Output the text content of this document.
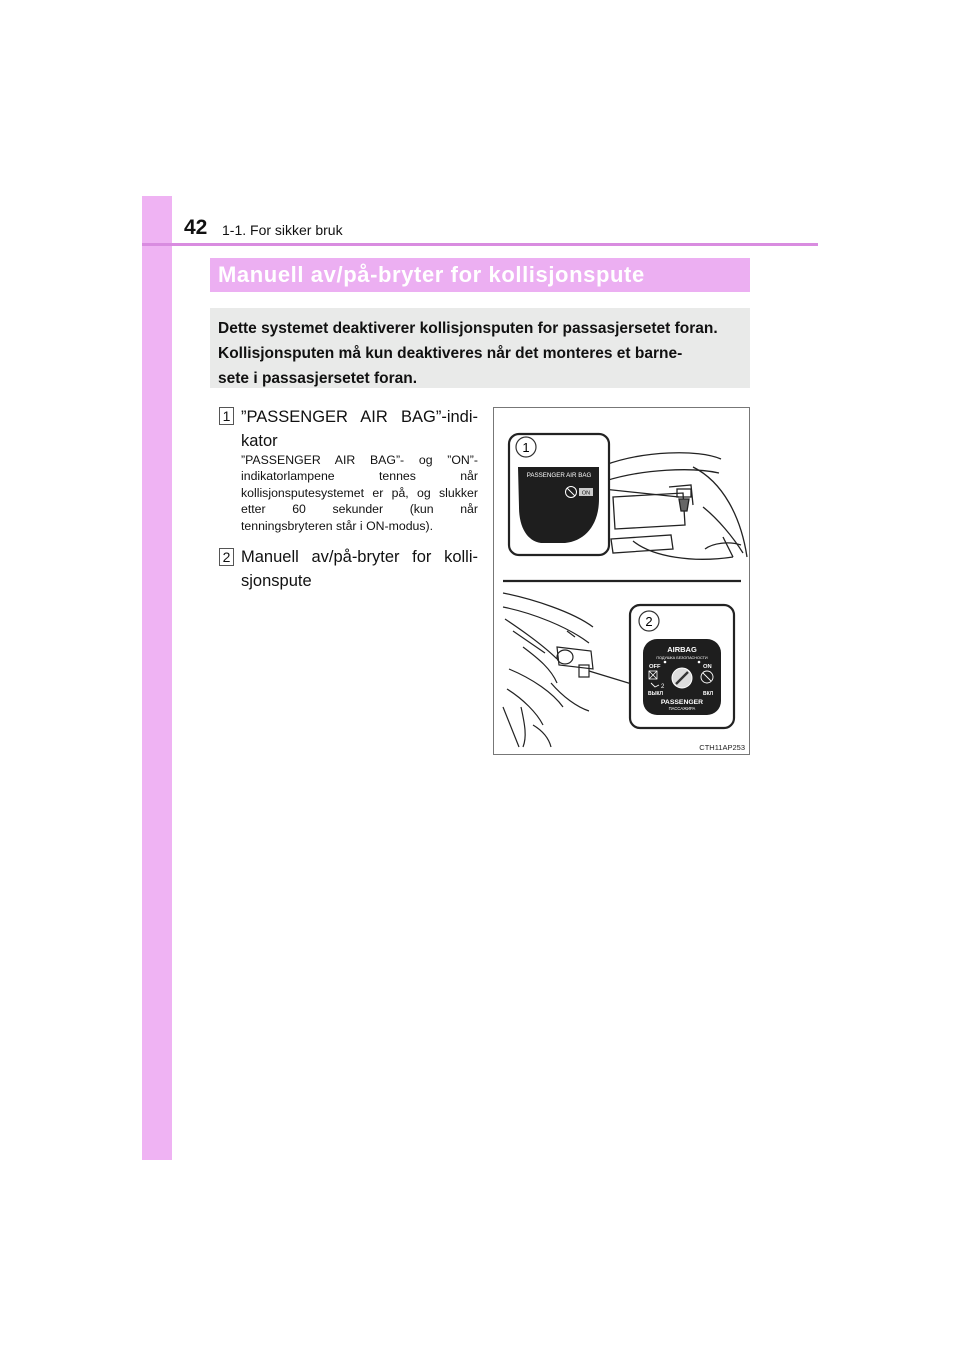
42 1-1. For sikker bruk
Manuell av/på-bryter for kollisjonspute
Dette systemet deaktiverer kollisjonsputen for passasjersetet foran.
Kollisjonsputen må kun deaktiveres når det monteres et barne-
sete i passasjersetet foran.
1 ”PASSENGER AIR BAG”-indi- kator
”PASSENGER AIR BAG”- og ”ON”-indikatorlampene tennes når kollisjonsputesystemet er på, og slukker etter 60 sekunder (kun når tenningsbryteren står i ON-modus).
2 Manuell av/på-bryter for kolli- sjonspute
1
PASSENGER AIR BAG
ON
2
AIRBAG
ПОДУШКА БЕЗОПАСНОСТИ
OFF	ON
2
ВЫКЛ	ВКЛ
PASSENGER
ПАССАЖИРА
CTH11AP253
